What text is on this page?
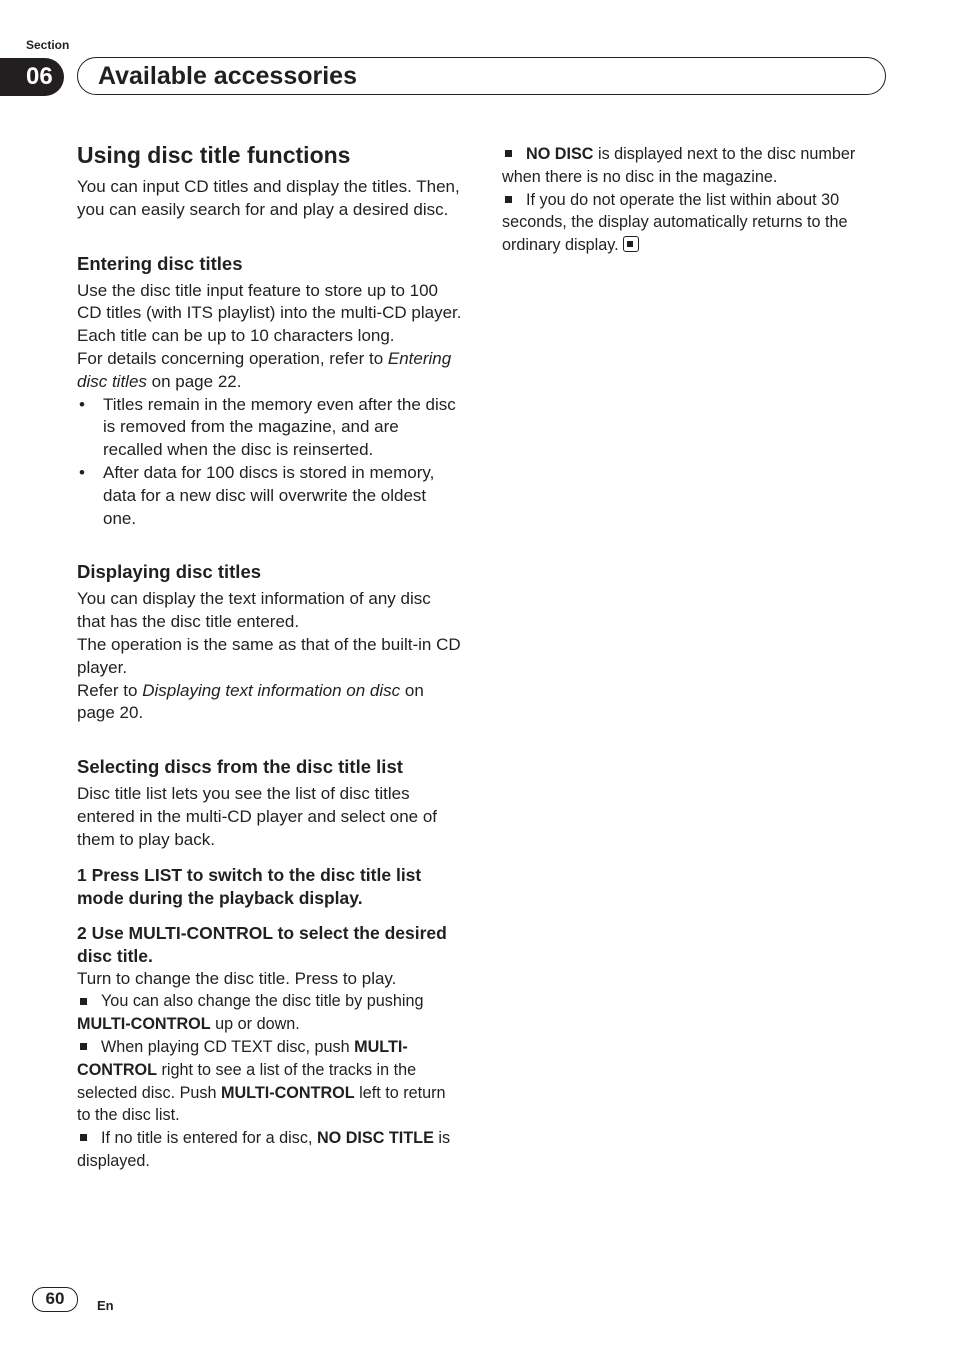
Section
06	Available accessories
Using disc title functions

You can input CD titles and display the titles. Then, you can easily search for and play a desired disc.

Entering disc titles

Use the disc title input feature to store up to 100 CD titles (with ITS playlist) into the multi-CD player. Each title can be up to 10 characters long.

For details concerning operation, refer to Entering disc titles on page 22.

• Titles remain in the memory even after the disc is removed from the magazine, and are recalled when the disc is reinserted.
• After data for 100 discs is stored in memory, data for a new disc will overwrite the oldest one.
Displaying disc titles

You can display the text information of any disc that has the disc title entered.

The operation is the same as that of the built-in CD player.

Refer to Displaying text information on disc on page 20.

Selecting discs from the disc title list

Disc title list lets you see the list of disc titles entered in the multi-CD player and select one of them to play back.

1 Press LIST to switch to the disc title list mode during the playback display.

2 Use MULTI-CONTROL to select the desired disc title.

Turn to change the disc title. Press to play.

You can also change the disc title by pushing MULTI-CONTROL up or down.

When playing CD TEXT disc, push MULTI-CONTROL right to see a list of the tracks in the selected disc. Push MULTI-CONTROL left to return to the disc list.

If no title is entered for a disc, NO DISC TITLE is displayed.

NO DISC is displayed next to the disc number when there is no disc in the magazine.

If you do not operate the list within about 30 seconds, the display automatically returns to the ordinary display.

60	En
